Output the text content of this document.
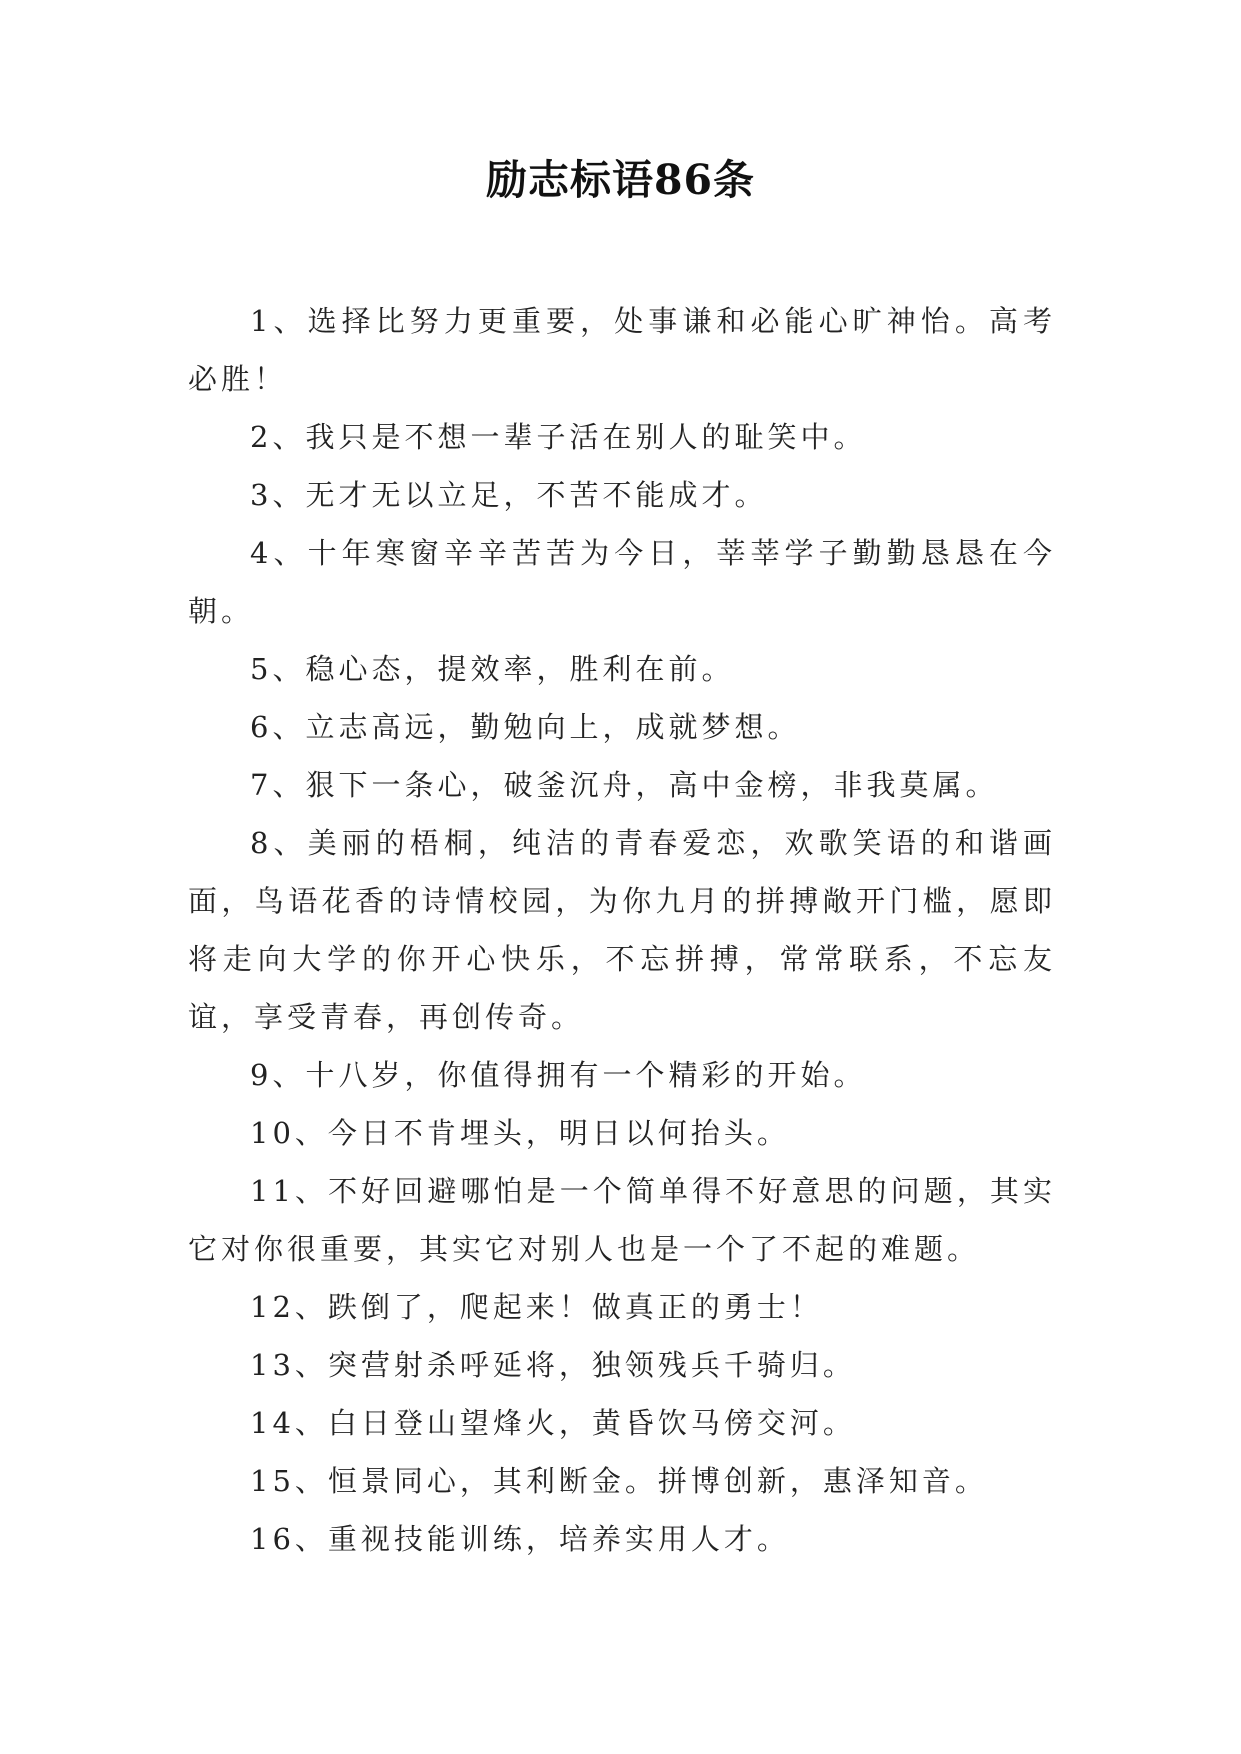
励志标语86条

1、选择比努力更重要，处事谦和必能心旷神怡。高考必胜！

2、我只是不想一辈子活在别人的耻笑中。

3、无才无以立足，不苦不能成才。

4、十年寒窗辛辛苦苦为今日，莘莘学子勤勤恳恳在今朝。

5、稳心态，提效率，胜利在前。

6、立志高远，勤勉向上，成就梦想。

7、狠下一条心，破釜沉舟，高中金榜，非我莫属。

8、美丽的梧桐，纯洁的青春爱恋，欢歌笑语的和谐画面，鸟语花香的诗情校园，为你九月的拼搏敞开门槛，愿即将走向大学的你开心快乐，不忘拼搏，常常联系，不忘友谊，享受青春，再创传奇。

9、十八岁，你值得拥有一个精彩的开始。

10、今日不肯埋头，明日以何抬头。

11、不好回避哪怕是一个简单得不好意思的问题，其实它对你很重要，其实它对别人也是一个了不起的难题。

12、跌倒了，爬起来！做真正的勇士！

13、突营射杀呼延将，独领残兵千骑归。

14、白日登山望烽火，黄昏饮马傍交河。

15、恒景同心，其利断金。拼博创新，惠泽知音。

16、重视技能训练，培养实用人才。
